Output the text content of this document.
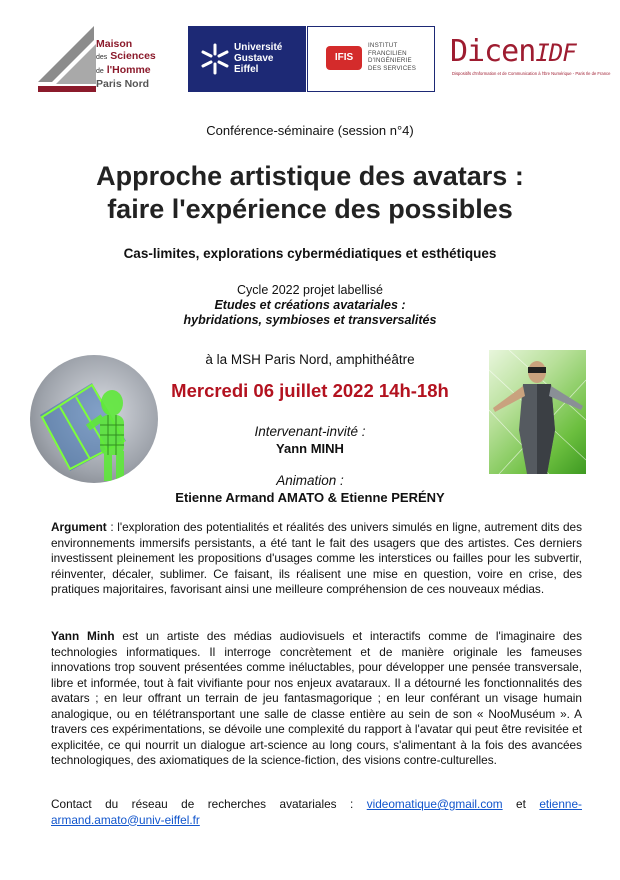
Maison
des Sciences
de l'Homme Paris Nord
Université
Gustave
Eiffel
IFIS
INSTITUT
FRANCILIEN
D'INGÉNIERIE
DES SERVICES DicenIDF
Dispositifs d'Information et de Communication à l'Ère Numérique - Paris Ile de France
Conférence-séminaire (session n°4)
Approche artistique des avatars :
faire l'expérience des possibles
Cas-limites, explorations cybermédiatiques et esthétiques
Cycle 2022 projet labellisé
Etudes et créations avatariales :
hybridations, symbioses et transversalités
à la MSH Paris Nord, amphithéâtre
Mercredi 06 juillet 2022 14h-18h
Intervenant-invité :
Yann MINH
Animation :
Etienne Armand AMATO & Etienne PERÉNY
Argument : l'exploration des potentialités et réalités des univers simulés en ligne, autrement dits des environnements immersifs persistants, a été tant le fait des usagers que des artistes. Ces derniers investissent pleinement les propositions d'usages comme les interstices ou failles pour les subvertir, réinventer, décaler, sublimer. Ce faisant, ils réalisent une mise en question, voire en crise, des pratiques majoritaires, favorisant ainsi une meilleure compréhension de ces nouveaux médias.
Yann Minh est un artiste des médias audiovisuels et interactifs comme de l'imaginaire des technologies informatiques. Il interroge concrètement et de manière originale les fameuses innovations trop souvent présentées comme inéluctables, pour développer une pensée transversale, libre et informée, tout à fait vivifiante pour nos enjeux avataraux. Il a détourné les fonctionnalités des avatars ; en leur offrant un terrain de jeu fantasmagorique ; en leur conférant un visage humain analogique, ou en télétransportant une salle de classe entière au sein de son « NooMuséum ». A travers ces expérimentations, se dévoile une complexité du rapport à l'avatar qui peut être revisitée et explicitée, ce qui nourrit un dialogue art-science au long cours, s'alimentant à la fois des avancées technologiques, des axiomatiques de la science-fiction, des visions contre-culturelles.
Contact du réseau de recherches avatariales : videomatique@gmail.com et etienne-armand.amato@univ-eiffel.fr
